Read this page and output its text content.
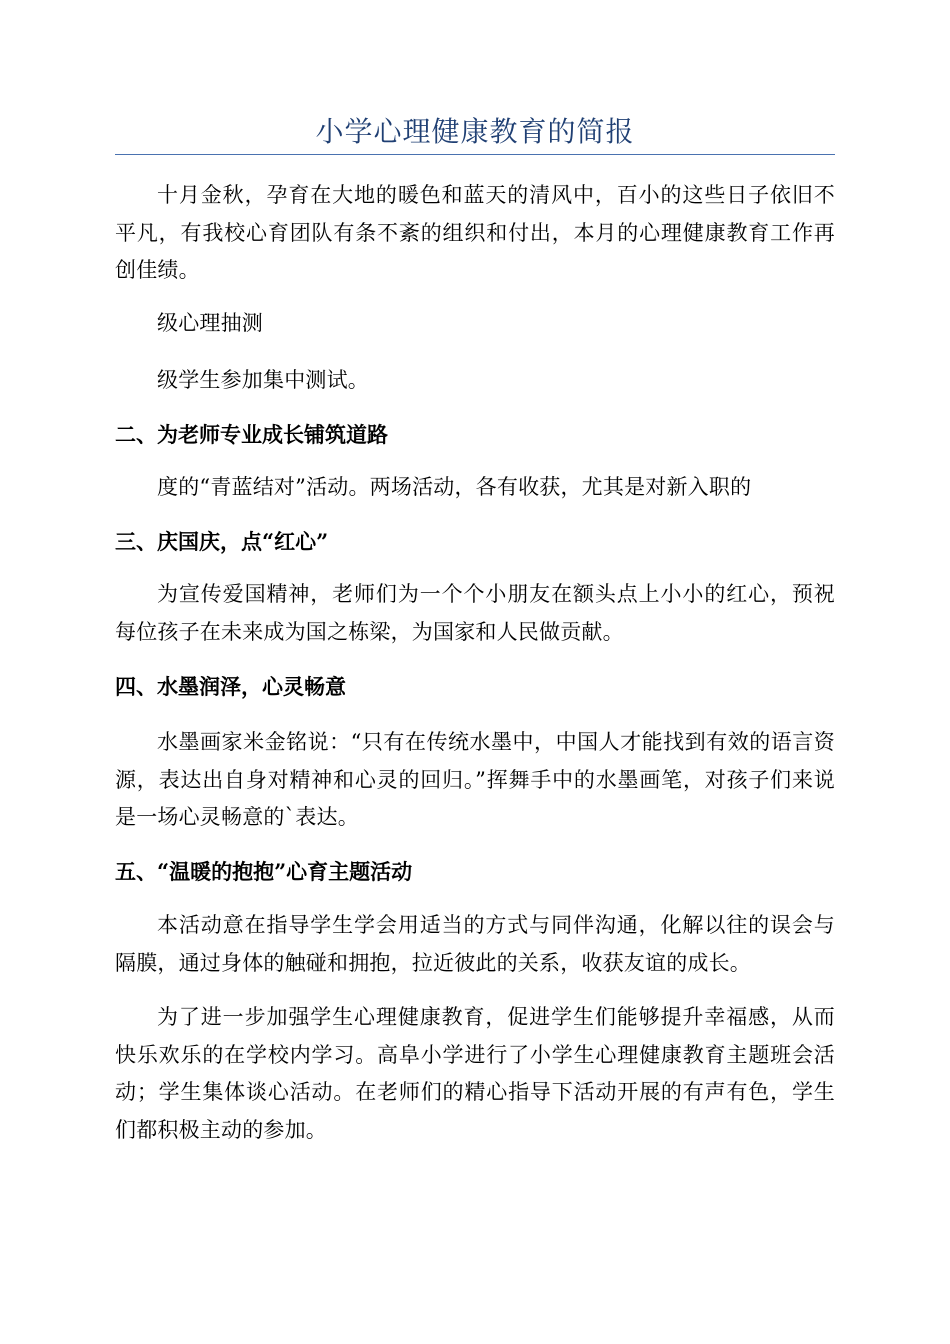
小学心理健康教育的简报
十月金秋，孕育在大地的暖色和蓝天的清风中，百小的这些日子依旧不平凡，有我校心育团队有条不紊的组织和付出，本月的心理健康教育工作再创佳绩。
级心理抽测
级学生参加集中测试。
二、为老师专业成长铺筑道路
度的“青蓝结对”活动。两场活动，各有收获，尤其是对新入职的
三、庆国庆，点“红心”
为宣传爱国精神，老师们为一个个小朋友在额头点上小小的红心，预祝每位孩子在未来成为国之栋梁，为国家和人民做贡献。
四、水墨润泽，心灵畅意
水墨画家米金铭说：“只有在传统水墨中，中国人才能找到有效的语言资源，表达出自身对精神和心灵的回归。”挥舞手中的水墨画笔，对孩子们来说是一场心灵畅意的`表达。
五、“温暖的抱抱”心育主题活动
本活动意在指导学生学会用适当的方式与同伴沟通，化解以往的误会与隔膜，通过身体的触碰和拥抱，拉近彼此的关系，收获友谊的成长。
为了进一步加强学生心理健康教育，促进学生们能够提升幸福感，从而快乐欢乐的在学校内学习。高阜小学进行了小学生心理健康教育主题班会活动；学生集体谈心活动。在老师们的精心指导下活动开展的有声有色，学生们都积极主动的参加。
